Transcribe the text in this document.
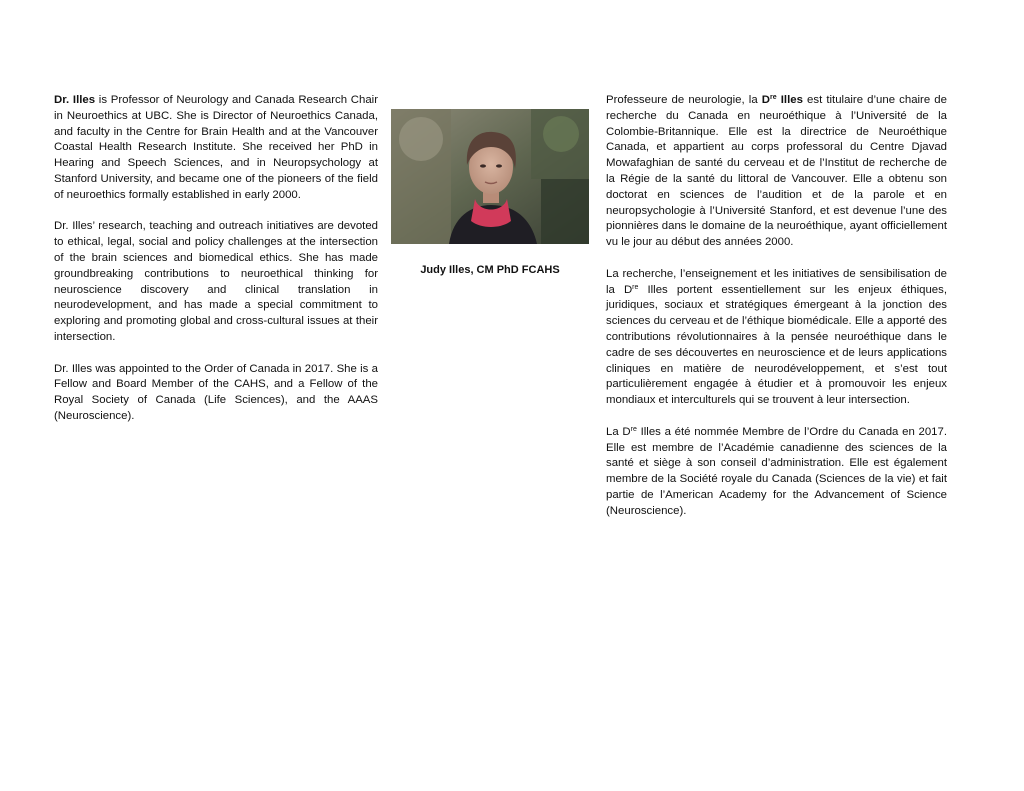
Dr. Illes is Professor of Neurology and Canada Research Chair in Neuroethics at UBC. She is Director of Neuroethics Canada, and faculty in the Centre for Brain Health and at the Vancouver Coastal Health Research Institute. She received her PhD in Hearing and Speech Sciences, and in Neuropsychology at Stanford University, and became one of the pioneers of the field of neuroethics formally established in early 2000.

Dr. Illes’ research, teaching and outreach initiatives are devoted to ethical, legal, social and policy challenges at the intersection of the brain sciences and biomedical ethics. She has made groundbreaking contributions to neuroethical thinking for neuroscience discovery and clinical translation in neurodevelopment, and has made a special commitment to exploring and promoting global and cross-cultural issues at their intersection.

Dr. Illes was appointed to the Order of Canada in 2017. She is a Fellow and Board Member of the CAHS, and a Fellow of the Royal Society of Canada (Life Sciences), and the AAAS (Neuroscience).

Judy Illes, CM PhD FCAHS

Professeure de neurologie, la Dre Illes est titulaire d’une chaire de recherche du Canada en neuroéthique à l’Université de la Colombie-Britannique. Elle est la directrice de Neuroéthique Canada, et appartient au corps professoral du Centre Djavad Mowafaghian de santé du cerveau et de l’Institut de recherche de la Régie de la santé du littoral de Vancouver. Elle a obtenu son doctorat en sciences de l’audition et de la parole et en neuropsychologie à l’Université Stanford, et est devenue l’une des pionnières dans le domaine de la neuroéthique, ayant officiellement vu le jour au début des années 2000.

La recherche, l’enseignement et les initiatives de sensibilisation de la Dre Illes portent essentiellement sur les enjeux éthiques, juridiques, sociaux et stratégiques émergeant à la jonction des sciences du cerveau et de l’éthique biomédicale. Elle a apporté des contributions révolutionnaires à la pensée neuroéthique dans le cadre de ses découvertes en neuroscience et de leurs applications cliniques en matière de neurodéveloppement, et s’est tout particulièrement engagée à étudier et à promouvoir les enjeux mondiaux et interculturels qui se trouvent à leur intersection.

La Dre Illes a été nommée Membre de l’Ordre du Canada en 2017. Elle est membre de l’Académie canadienne des sciences de la santé et siège à son conseil d’administration. Elle est également membre de la Société royale du Canada (Sciences de la vie) et fait partie de l’American Academy for the Advancement of Science (Neuroscience).
